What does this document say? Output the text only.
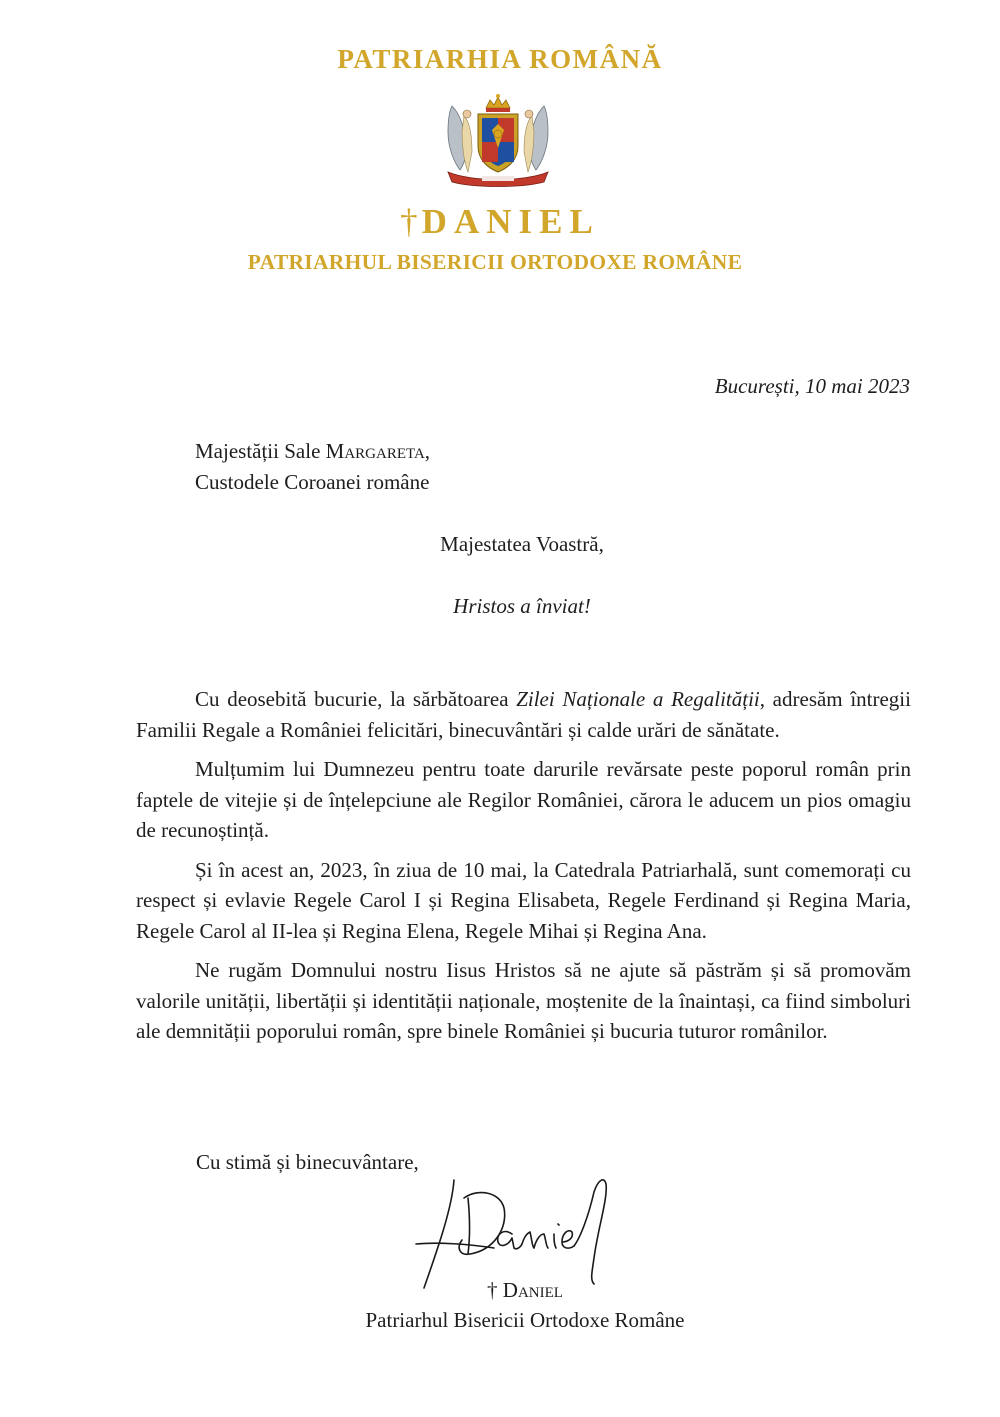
PATRIARHIA ROMÂNĂ
† DANIEL
PATRIARHUL BISERICII ORTODOXE ROMÂNE
București, 10 mai 2023
Majestății Sale Margareta,
Custodele Coroanei române
Majestatea Voastră,
Hristos a înviat!

Cu deosebită bucurie, la sărbătoarea Zilei Naționale a Regalității, adresăm întregii Familii Regale a României felicitări, binecuvântări și calde urări de sănătate.

Mulțumim lui Dumnezeu pentru toate darurile revărsate peste poporul român prin faptele de vitejie și de înțelepciune ale Regilor României, cărora le aducem un pios omagiu de recunoștință.

Și în acest an, 2023, în ziua de 10 mai, la Catedrala Patriarhală, sunt comemorați cu respect și evlavie Regele Carol I și Regina Elisabeta, Regele Ferdinand și Regina Maria, Regele Carol al II-lea și Regina Elena, Regele Mihai și Regina Ana.

Ne rugăm Domnului nostru Iisus Hristos să ne ajute să păstrăm și să promovăm valorile unității, libertății și identității naționale, moștenite de la înaintași, ca fiind simboluri ale demnității poporului român, spre binele României și bucuria tuturor românilor.

Cu stimă și binecuvântare,
† Daniel
Patriarhul Bisericii Ortodoxe Române
